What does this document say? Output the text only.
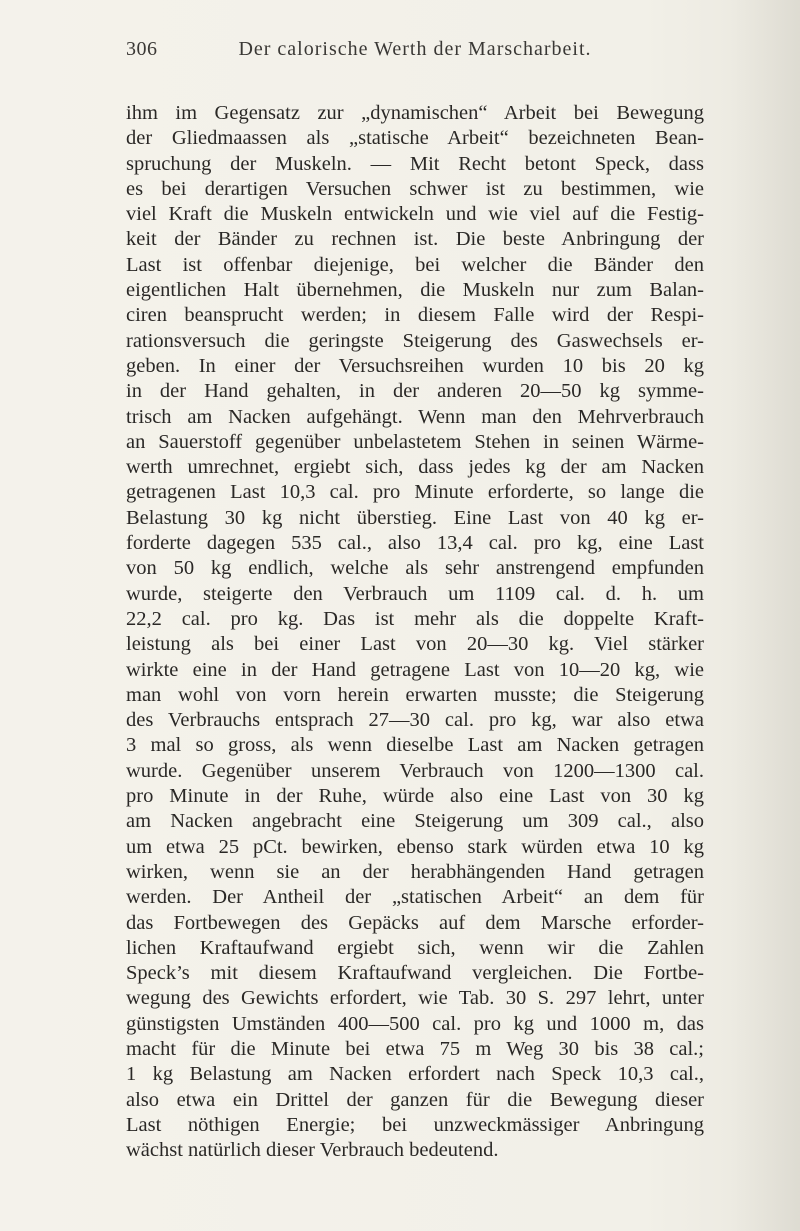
306	Der calorische Werth der Marscharbeit.
ihm im Gegensatz zur „dynamischen“ Arbeit bei Bewegung
der Gliedmaassen als „statische Arbeit“ bezeichneten Bean-
spruchung der Muskeln. — Mit Recht betont Speck, dass
es bei derartigen Versuchen schwer ist zu bestimmen, wie
viel Kraft die Muskeln entwickeln und wie viel auf die Festig-
keit der Bänder zu rechnen ist. Die beste Anbringung der
Last ist offenbar diejenige, bei welcher die Bänder den
eigentlichen Halt übernehmen, die Muskeln nur zum Balan-
ciren beansprucht werden; in diesem Falle wird der Respi-
rationsversuch die geringste Steigerung des Gaswechsels er-
geben. In einer der Versuchsreihen wurden 10 bis 20 kg
in der Hand gehalten, in der anderen 20—50 kg symme-
trisch am Nacken aufgehängt. Wenn man den Mehrverbrauch
an Sauerstoff gegenüber unbelastetem Stehen in seinen Wärme-
werth umrechnet, ergiebt sich, dass jedes kg der am Nacken
getragenen Last 10,3 cal. pro Minute erforderte, so lange die
Belastung 30 kg nicht überstieg. Eine Last von 40 kg er-
forderte dagegen 535 cal., also 13,4 cal. pro kg, eine Last
von 50 kg endlich, welche als sehr anstrengend empfunden
wurde, steigerte den Verbrauch um 1109 cal. d. h. um
22,2 cal. pro kg. Das ist mehr als die doppelte Kraft-
leistung als bei einer Last von 20—30 kg. Viel stärker
wirkte eine in der Hand getragene Last von 10—20 kg, wie
man wohl von vorn herein erwarten musste; die Steigerung
des Verbrauchs entsprach 27—30 cal. pro kg, war also etwa
3 mal so gross, als wenn dieselbe Last am Nacken getragen
wurde. Gegenüber unserem Verbrauch von 1200—1300 cal.
pro Minute in der Ruhe, würde also eine Last von 30 kg
am Nacken angebracht eine Steigerung um 309 cal., also
um etwa 25 pCt. bewirken, ebenso stark würden etwa 10 kg
wirken, wenn sie an der herabhängenden Hand getragen
werden. Der Antheil der „statischen Arbeit“ an dem für
das Fortbewegen des Gepäcks auf dem Marsche erforder-
lichen Kraftaufwand ergiebt sich, wenn wir die Zahlen
Speck’s mit diesem Kraftaufwand vergleichen. Die Fortbe-
wegung des Gewichts erfordert, wie Tab. 30 S. 297 lehrt, unter
günstigsten Umständen 400—500 cal. pro kg und 1000 m, das
macht für die Minute bei etwa 75 m Weg 30 bis 38 cal.;
1 kg Belastung am Nacken erfordert nach Speck 10,3 cal.,
also etwa ein Drittel der ganzen für die Bewegung dieser
Last nöthigen Energie; bei unzweckmässiger Anbringung
wächst natürlich dieser Verbrauch bedeutend.
